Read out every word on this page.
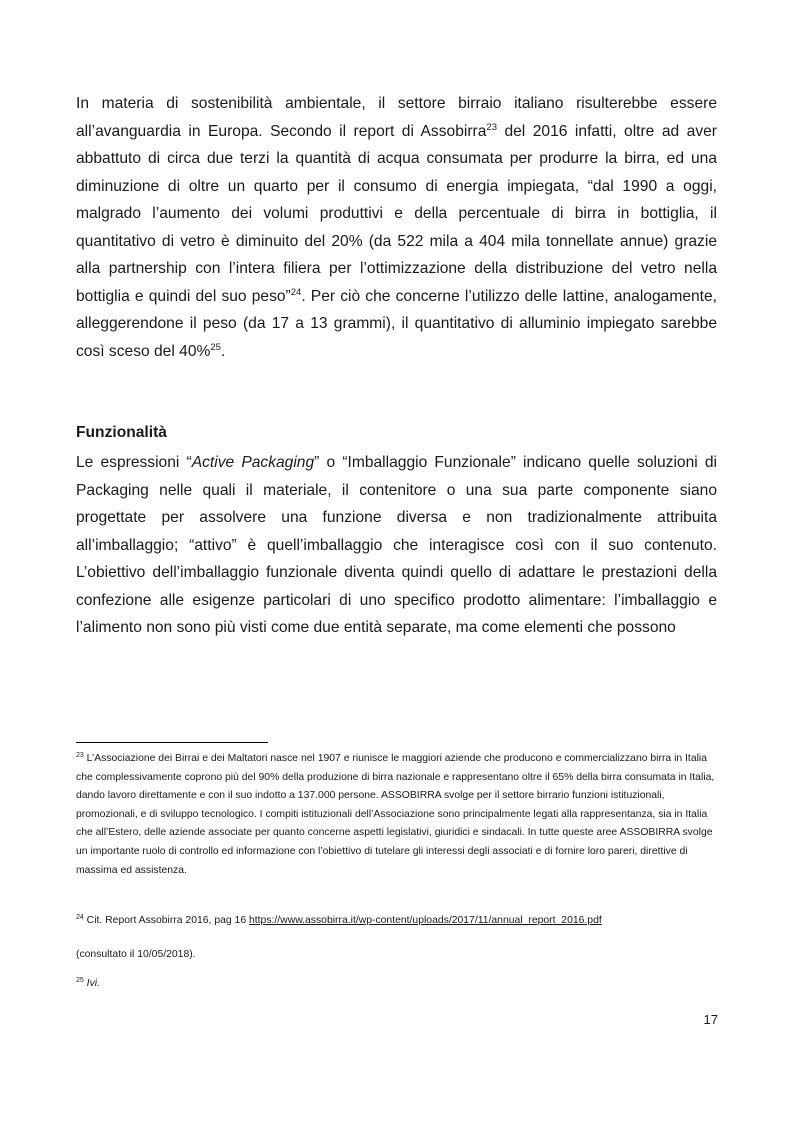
In materia di sostenibilità ambientale, il settore birraio italiano risulterebbe essere all’avanguardia in Europa. Secondo il report di Assobirra$^{23}$ del 2016 infatti, oltre ad aver abbattuto di circa due terzi la quantità di acqua consumata per produrre la birra, ed una diminuzione di oltre un quarto per il consumo di energia impiegata, “dal 1990 a oggi, malgrado l’aumento dei volumi produttivi e della percentuale di birra in bottiglia, il quantitativo di vetro è diminuito del 20% (da 522 mila a 404 mila tonnellate annue) grazie alla partnership con l’intera filiera per l’ottimizzazione della distribuzione del vetro nella bottiglia e quindi del suo peso”$^{24}$. Per ciò che concerne l’utilizzo delle lattine, analogamente, alleggerendone il peso (da 17 a 13 grammi), il quantitativo di alluminio impiegato sarebbe così sceso del 40%$^{25}$.

Funzionalità

Le espressioni “Active Packaging” o “Imballaggio Funzionale” indicano quelle soluzioni di Packaging nelle quali il materiale, il contenitore o una sua parte componente siano progettate per assolvere una funzione diversa e non tradizionalmente attribuita all’imballaggio; “attivo” è quell’imballaggio che interagisce così con il suo contenuto. L’obiettivo dell’imballaggio funzionale diventa quindi quello di adattare le prestazioni della confezione alle esigenze particolari di uno specifico prodotto alimentare: l’imballaggio e l’alimento non sono più visti come due entità separate, ma come elementi che possono

$^{23}$ L’Associazione dei Birrai e dei Maltatori nasce nel 1907 e riunisce le maggiori aziende che producono e commercializzano birra in Italia che complessivamente coprono più del 90% della produzione di birra nazionale e rappresentano oltre il 65% della birra consumata in Italia, dando lavoro direttamente e con il suo indotto a 137.000 persone. ASSOBIRRA svolge per il settore birrario funzioni istituzionali, promozionali, e di sviluppo tecnologico. I compiti istituzionali dell’Associazione sono principalmente legati alla rappresentanza, sia in Italia che all’Estero, delle aziende associate per quanto concerne aspetti legislativi, giuridici e sindacali. In tutte queste aree ASSOBIRRA svolge un importante ruolo di controllo ed informazione con l’obiettivo di tutelare gli interessi degli associati e di fornire loro pareri, direttive di massima ed assistenza.

$^{24}$ Cit. Report Assobirra 2016, pag 16 https://www.assobirra.it/wp-content/uploads/2017/11/annual_report_2016.pdf

(consultato il 10/05/2018).

$^{25}$ Ivi.

17
